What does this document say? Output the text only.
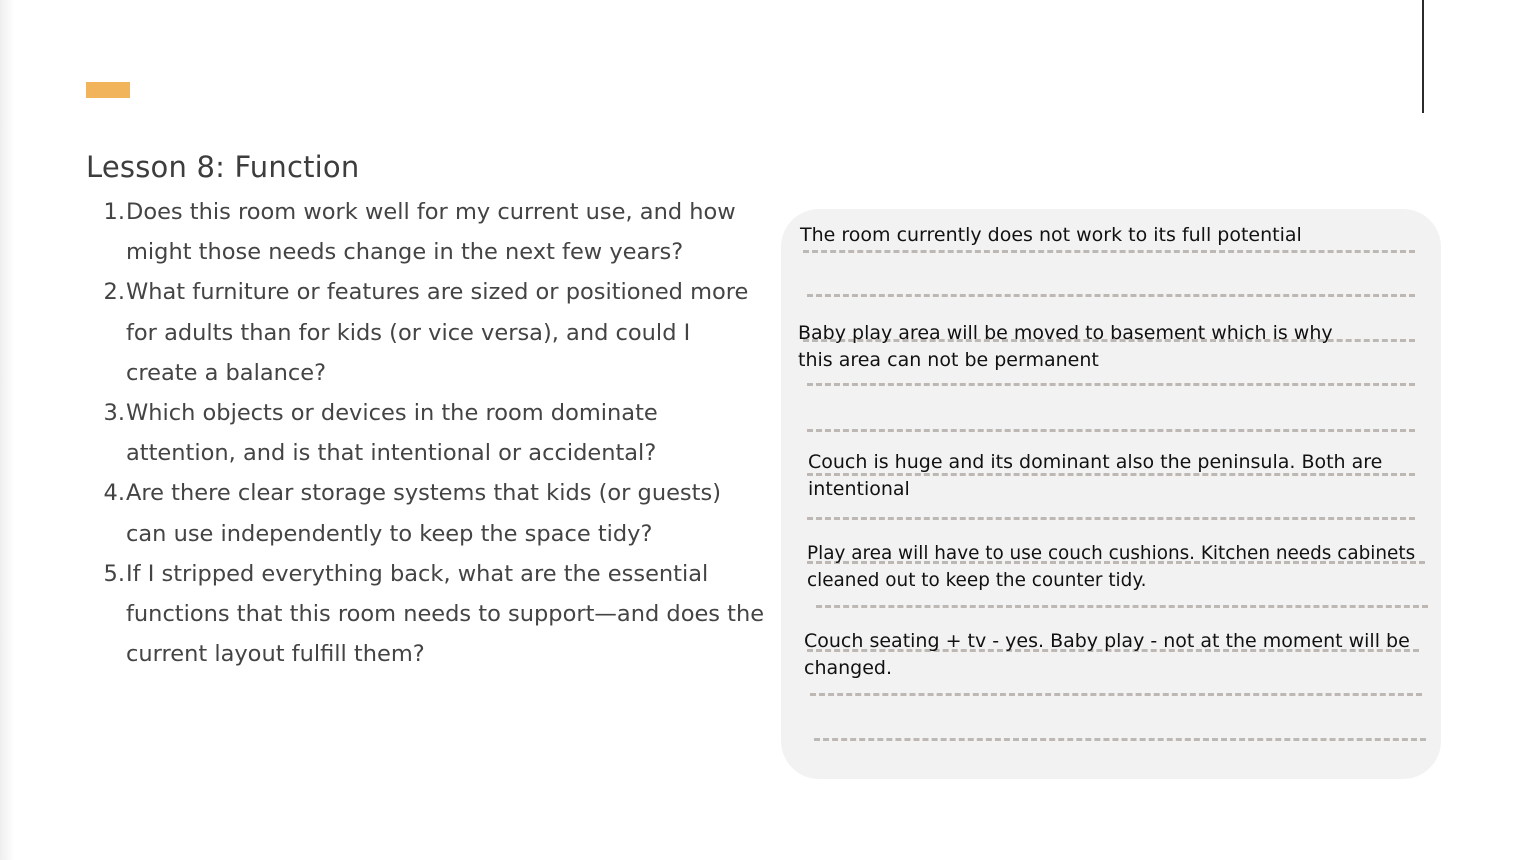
Lesson 8: Function
1. Does this room work well for my current use, and how might those needs change in the next few years?
2. What furniture or features are sized or positioned more for adults than for kids (or vice versa), and could I create a balance?
3. Which objects or devices in the room dominate attention, and is that intentional or accidental?
4. Are there clear storage systems that kids (or guests) can use independently to keep the space tidy?
5. If I stripped everything back, what are the essential functions that this room needs to support—and does the current layout fulfill them?

The room currently does not work to its full potential

Baby play area will be moved to basement which is why
this area can not be permanent

Couch is huge and its dominant also the peninsula. Both are
intentional

Play area will have to use couch cushions. Kitchen needs cabinets
cleaned out to keep the counter tidy.

Couch seating + tv - yes. Baby play - not at the moment will be
changed.
